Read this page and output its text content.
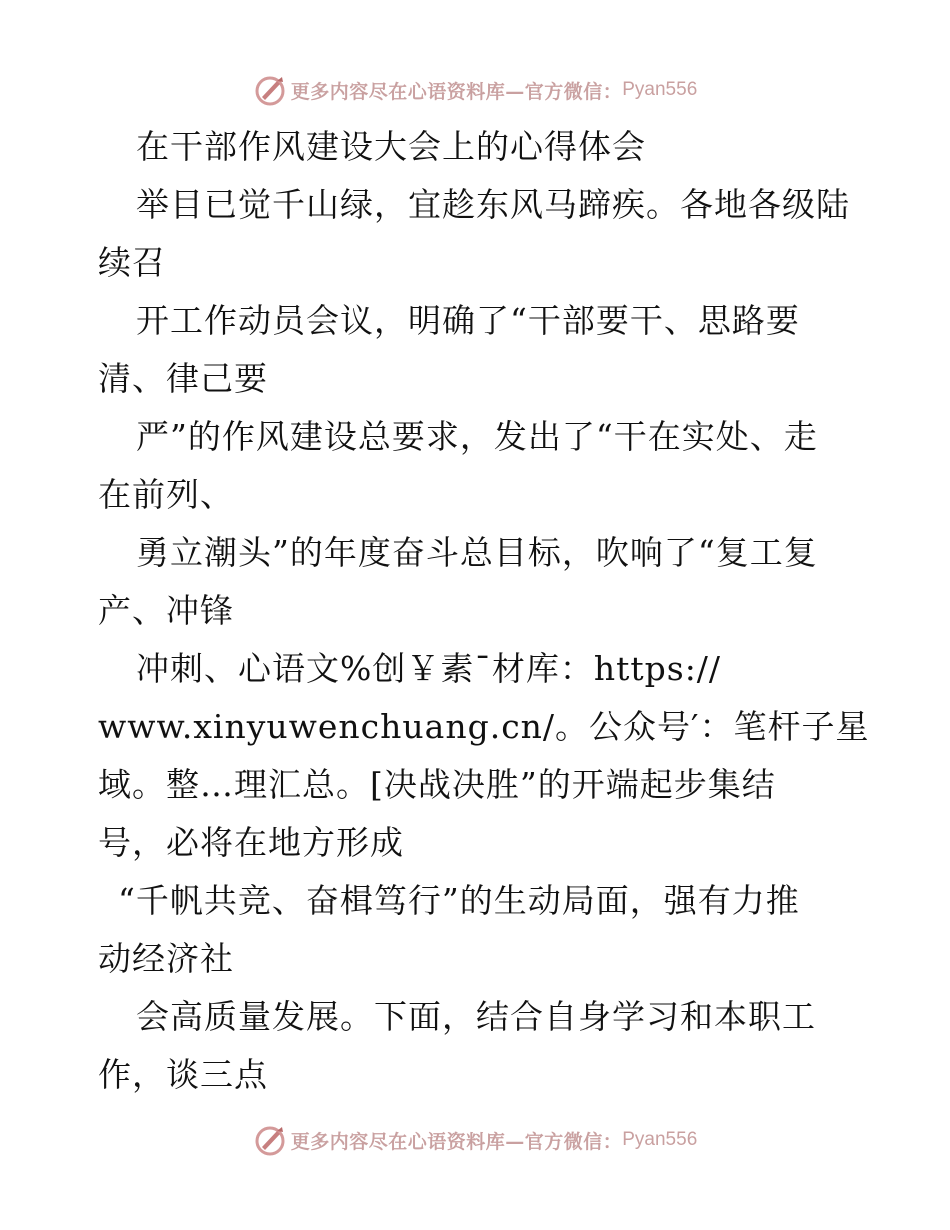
更多内容尽在心语资料库—官方微信： Pyan556
在干部作风建设大会上的心得体会
举目已觉千山绿，宜趁东风马蹄疾。各地各级陆
续召
开工作动员会议，明确了“干部要干、思路要
清、律己要
严”的作风建设总要求，发出了“干在实处、走
在前列、
勇立潮头”的年度奋斗总目标，吹响了“复工复
产、冲锋
冲刺、心语文%创￥素¯材库：https://
www.xinyuwenchuang.cn/。公众号′：笔杆子星
域。整…理汇总。[决战决胜”的开端起步集结
号，必将在地方形成
“千帆共竞、奋楫笃行”的生动局面，强有力推
动经济社
会高质量发展。下面，结合自身学习和本职工
作，谈三点
更多内容尽在心语资料库—官方微信： Pyan556
